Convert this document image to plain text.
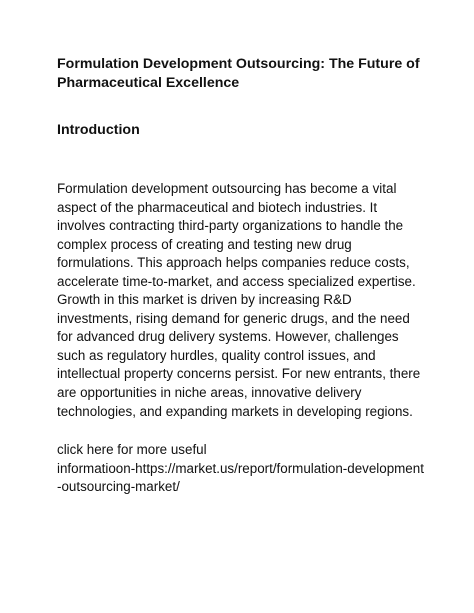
Formulation Development Outsourcing: The Future of
Pharmaceutical Excellence
Introduction

Formulation development outsourcing has become a vital
aspect of the pharmaceutical and biotech industries. It
involves contracting third-party organizations to handle the
complex process of creating and testing new drug
formulations. This approach helps companies reduce costs,
accelerate time-to-market, and access specialized expertise.
Growth in this market is driven by increasing R&D
investments, rising demand for generic drugs, and the need
for advanced drug delivery systems. However, challenges
such as regulatory hurdles, quality control issues, and
intellectual property concerns persist. For new entrants, there
are opportunities in niche areas, innovative delivery
technologies, and expanding markets in developing regions.

click here for more useful
informatioon-https://market.us/report/formulation-development
-outsourcing-market/
